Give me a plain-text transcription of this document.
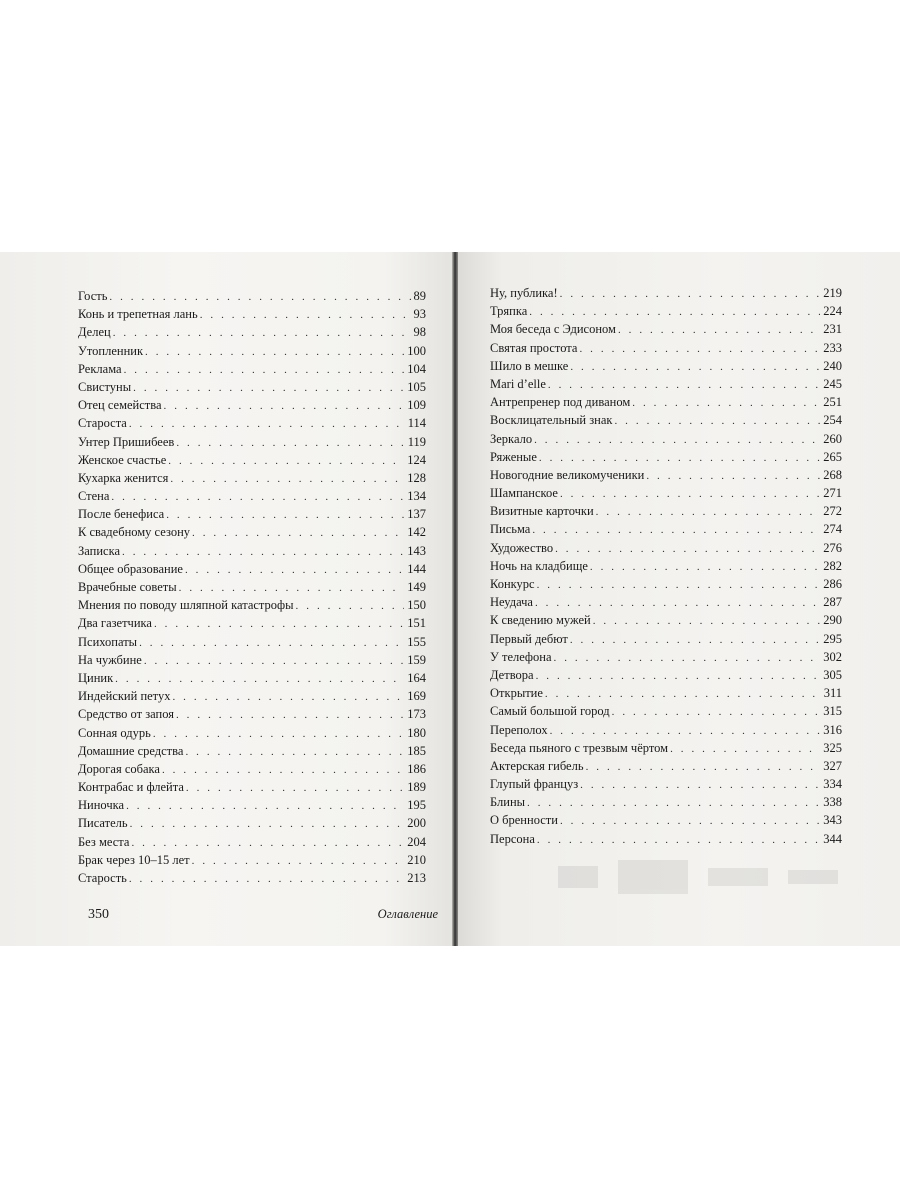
Гость . . .	89
Конь и трепетная лань . . .	93
Делец . . .	98
Утопленник . . .	100
Реклама . . .	104
Свистуны . . .	105
Отец семейства . . .	109
Староста . . .	114
Унтер Пришибеев . . .	119
Женское счастье . . .	124
Кухарка женится . . .	128
Стена . . .	134
После бенефиса . . .	137
К свадебному сезону . . .	142
Записка . . .	143
Общее образование . . .	144
Врачебные советы . . .	149
Мнения по поводу шляпной катастрофы . . .	150
Два газетчика . . .	151
Психопаты . . .	155
На чужбине . . .	159
Циник . . .	164
Индейский петух . . .	169
Средство от запоя . . .	173
Сонная одурь . . .	180
Домашние средства . . .	185
Дорогая собака . . .	186
Контрабас и флейта . . .	189
Ниночка . . .	195
Писатель . . .	200
Без места . . .	204
Брак через 10–15 лет . . .	210
Старость . . .	213
350	Оглавление
Ну, публика! . . .	219
Тряпка . . .	224
Моя беседа с Эдисоном . . .	231
Святая простота . . .	233
Шило в мешке . . .	240
Mari d’elle . . .	245
Антрепренер под диваном . . .	251
Восклицательный знак . . .	254
Зеркало . . .	260
Ряженые . . .	265
Новогодние великомученики . . .	268
Шампанское . . .	271
Визитные карточки . . .	272
Письма . . .	274
Художество . . .	276
Ночь на кладбище . . .	282
Конкурс . . .	286
Неудача . . .	287
К сведению мужей . . .	290
Первый дебют . . .	295
У телефона . . .	302
Детвора . . .	305
Открытие . . .	311
Самый большой город . . .	315
Переполох . . .	316
Беседа пьяного с трезвым чёртом . . .	325
Актерская гибель . . .	327
Глупый француз . . .	334
Блины . . .	338
О бренности . . .	343
Персона . . .	344
